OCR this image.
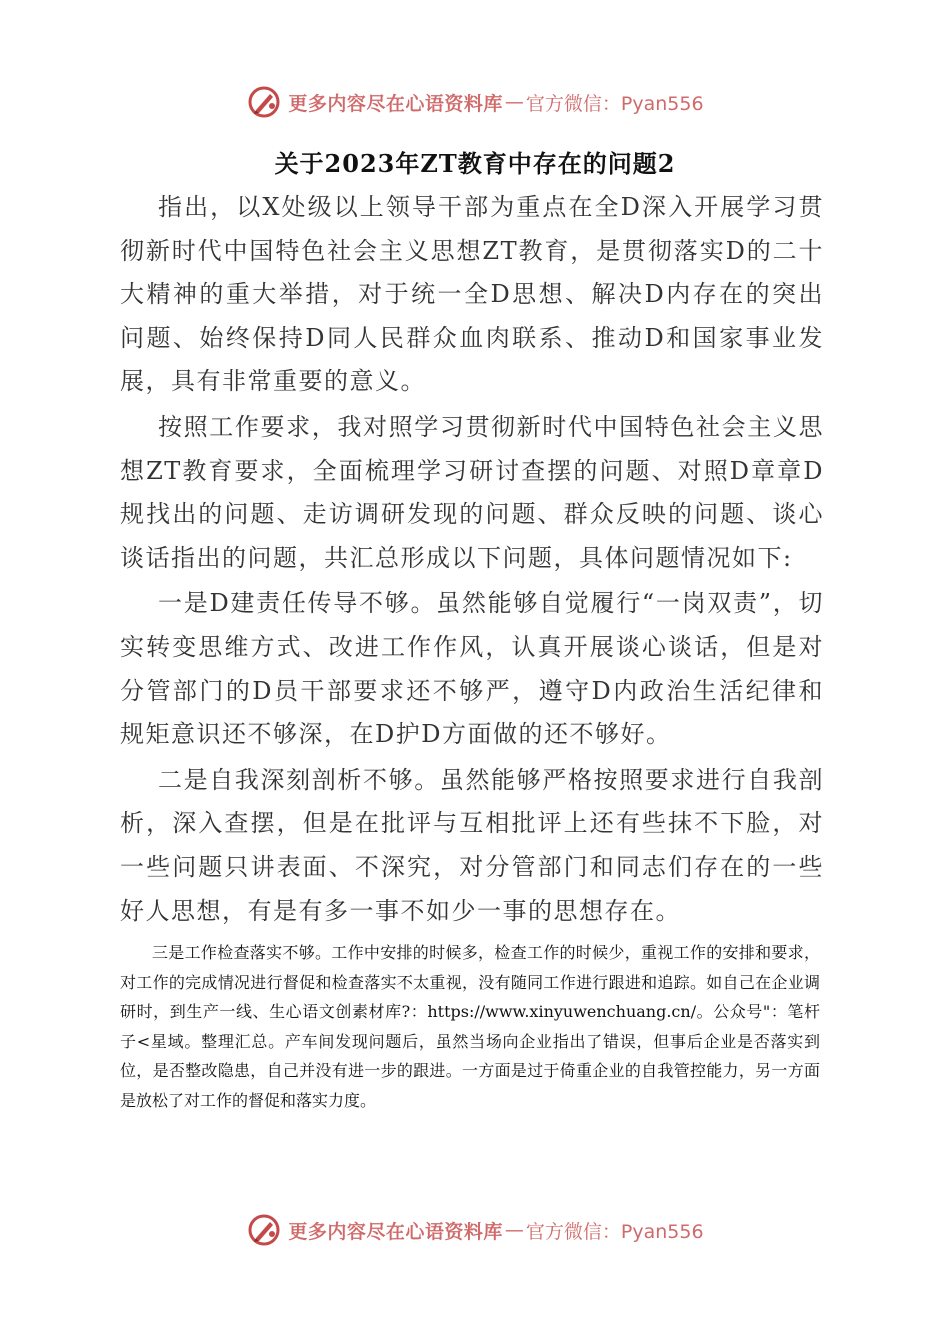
更多内容尽在心语资料库 — 官方微信：Pyan556
关于2023年ZT教育中存在的问题2

指出，以X处级以上领导干部为重点在全D深入开展学习贯彻新时代中国特色社会主义思想ZT教育，是贯彻落实D的二十大精神的重大举措，对于统一全D思想、解决D内存在的突出问题、始终保持D同人民群众血肉联系、推动D和国家事业发展，具有非常重要的意义。

按照工作要求，我对照学习贯彻新时代中国特色社会主义思想ZT教育要求，全面梳理学习研讨查摆的问题、对照D章章D规找出的问题、走访调研发现的问题、群众反映的问题、谈心谈话指出的问题，共汇总形成以下问题，具体问题情况如下:

一是D建责任传导不够。虽然能够自觉履行“一岗双责”，切实转变思维方式、改进工作作风，认真开展谈心谈话，但是对分管部门的D员干部要求还不够严，遵守D内政治生活纪律和规矩意识还不够深，在D护D方面做的还不够好。

二是自我深刻剖析不够。虽然能够严格按照要求进行自我剖析，深入查摆，但是在批评与互相批评上还有些抹不下脸，对一些问题只讲表面、不深究，对分管部门和同志们存在的一些好人思想，有是有多一事不如少一事的思想存在。

三是工作检查落实不够。工作中安排的时候多，检查工作的时候少，重视工作的安排和要求，对工作的完成情况进行督促和检查落实不太重视，没有随同工作进行跟进和追踪。如自己在企业调研时，到生产一线、生心语文创素材库?：https://www.xinyuwenchuang.cn/。公众号"：笔杆子<星域。整理汇总。产车间发现问题后，虽然当场向企业指出了错误，但事后企业是否落实到位，是否整改隐患，自己并没有进一步的跟进。一方面是过于倚重企业的自我管控能力，另一方面是放松了对工作的督促和落实力度。

更多内容尽在心语资料库 — 官方微信：Pyan556
